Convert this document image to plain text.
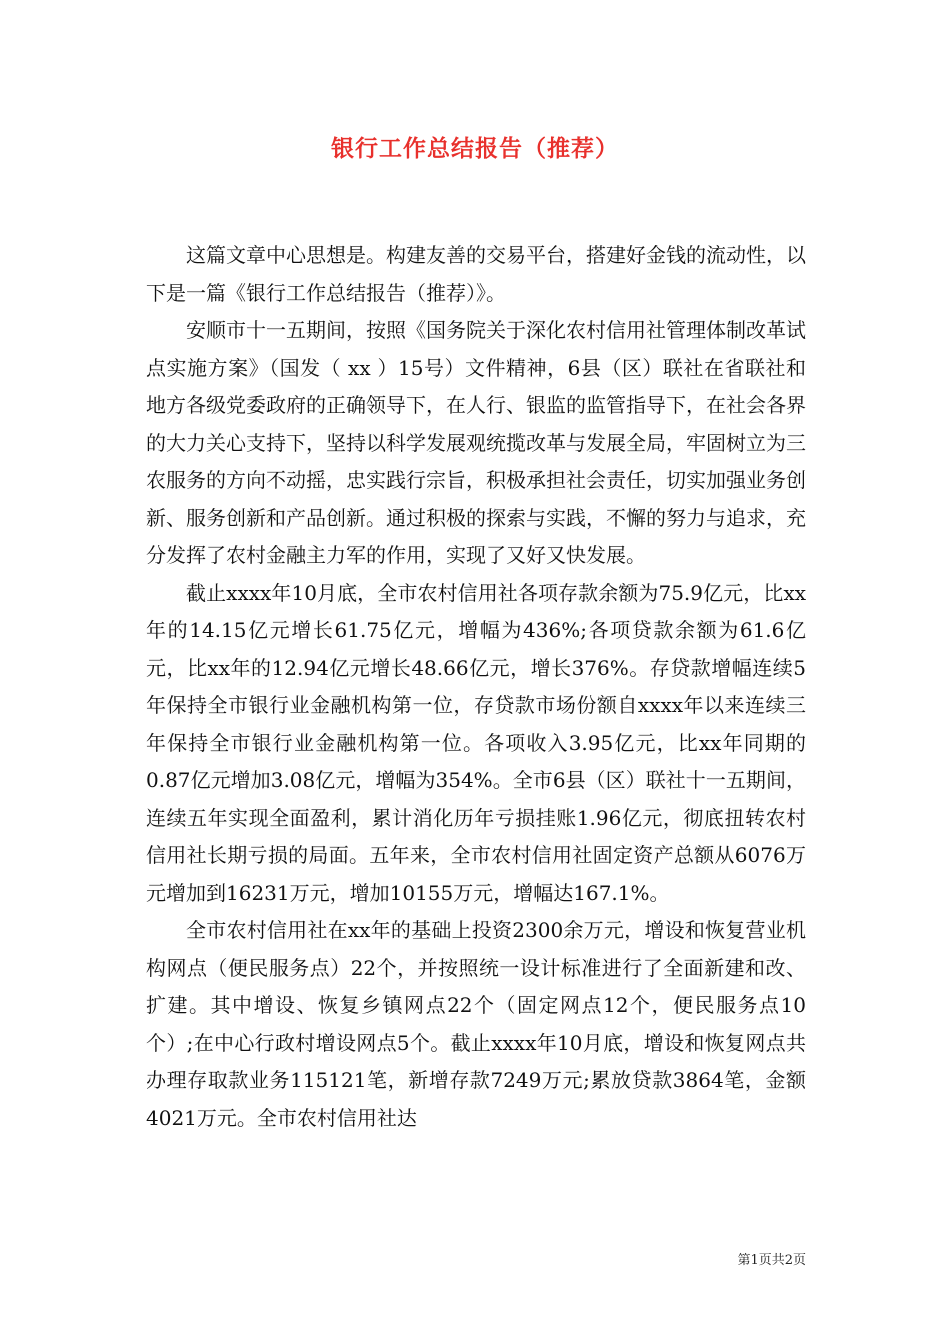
银行工作总结报告（推荐）

这篇文章中心思想是。构建友善的交易平台，搭建好金钱的流动性，以下是一篇《银行工作总结报告（推荐）》。

安顺市十一五期间，按照《国务院关于深化农村信用社管理体制改革试点实施方案》（国发（ xx ）15号）文件精神，6县（区）联社在省联社和地方各级党委政府的正确领导下，在人行、银监的监管指导下，在社会各界的大力关心支持下，坚持以科学发展观统揽改革与发展全局，牢固树立为三农服务的方向不动摇，忠实践行宗旨，积极承担社会责任，切实加强业务创新、服务创新和产品创新。通过积极的探索与实践，不懈的努力与追求，充分发挥了农村金融主力军的作用，实现了又好又快发展。

截止xxxx年10月底，全市农村信用社各项存款余额为75.9亿元，比xx年的14.15亿元增长61.75亿元，增幅为436%;各项贷款余额为61.6亿元，比xx年的12.94亿元增长48.66亿元，增长376%。存贷款增幅连续5年保持全市银行业金融机构第一位，存贷款市场份额自xxxx年以来连续三年保持全市银行业金融机构第一位。各项收入3.95亿元，比xx年同期的0.87亿元增加3.08亿元，增幅为354%。全市6县（区）联社十一五期间，连续五年实现全面盈利，累计消化历年亏损挂账1.96亿元，彻底扭转农村信用社长期亏损的局面。五年来，全市农村信用社固定资产总额从6076万元增加到16231万元，增加10155万元，增幅达167.1%。

全市农村信用社在xx年的基础上投资2300余万元，增设和恢复营业机构网点（便民服务点）22个，并按照统一设计标准进行了全面新建和改、扩建。其中增设、恢复乡镇网点22个（固定网点12个，便民服务点10个）;在中心行政村增设网点5个。截止xxxx年10月底，增设和恢复网点共办理存取款业务115121笔，新增存款7249万元;累放贷款3864笔，金额4021万元。全市农村信用社达

第1页共2页
